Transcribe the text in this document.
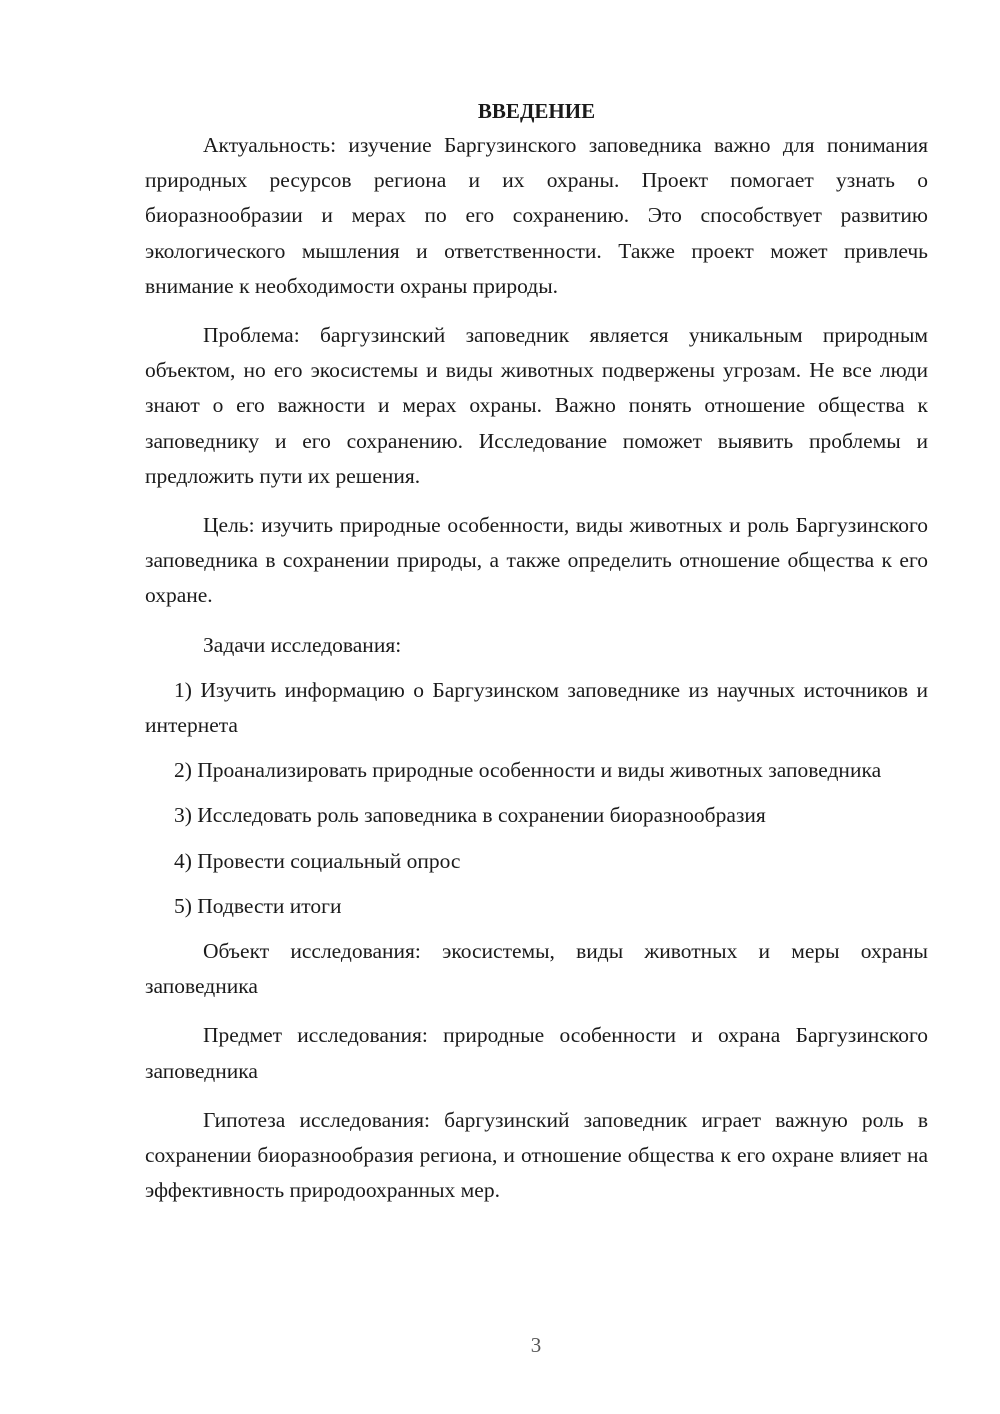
ВВЕДЕНИЕ

Актуальность: изучение Баргузинского заповедника важно для понимания природных ресурсов региона и их охраны. Проект помогает узнать о биоразнообразии и мерах по его сохранению. Это способствует развитию экологического мышления и ответственности. Также проект может привлечь внимание к необходимости охраны природы.

Проблема: баргузинский заповедник является уникальным природным объектом, но его экосистемы и виды животных подвержены угрозам. Не все люди знают о его важности и мерах охраны. Важно понять отношение общества к заповеднику и его сохранению. Исследование поможет выявить проблемы и предложить пути их решения.

Цель: изучить природные особенности, виды животных и роль Баргузинского заповедника в сохранении природы, а также определить отношение общества к его охране.

Задачи исследования:

1) Изучить информацию о Баргузинском заповеднике из научных источников и интернета

2) Проанализировать природные особенности и виды животных заповедника

3) Исследовать роль заповедника в сохранении биоразнообразия

4) Провести социальный опрос

5) Подвести итоги

Объект исследования: экосистемы, виды животных и меры охраны заповедника

Предмет исследования: природные особенности и охрана Баргузинского заповедника

Гипотеза исследования: баргузинский заповедник играет важную роль в сохранении биоразнообразия региона, и отношение общества к его охране влияет на эффективность природоохранных мер.

3
